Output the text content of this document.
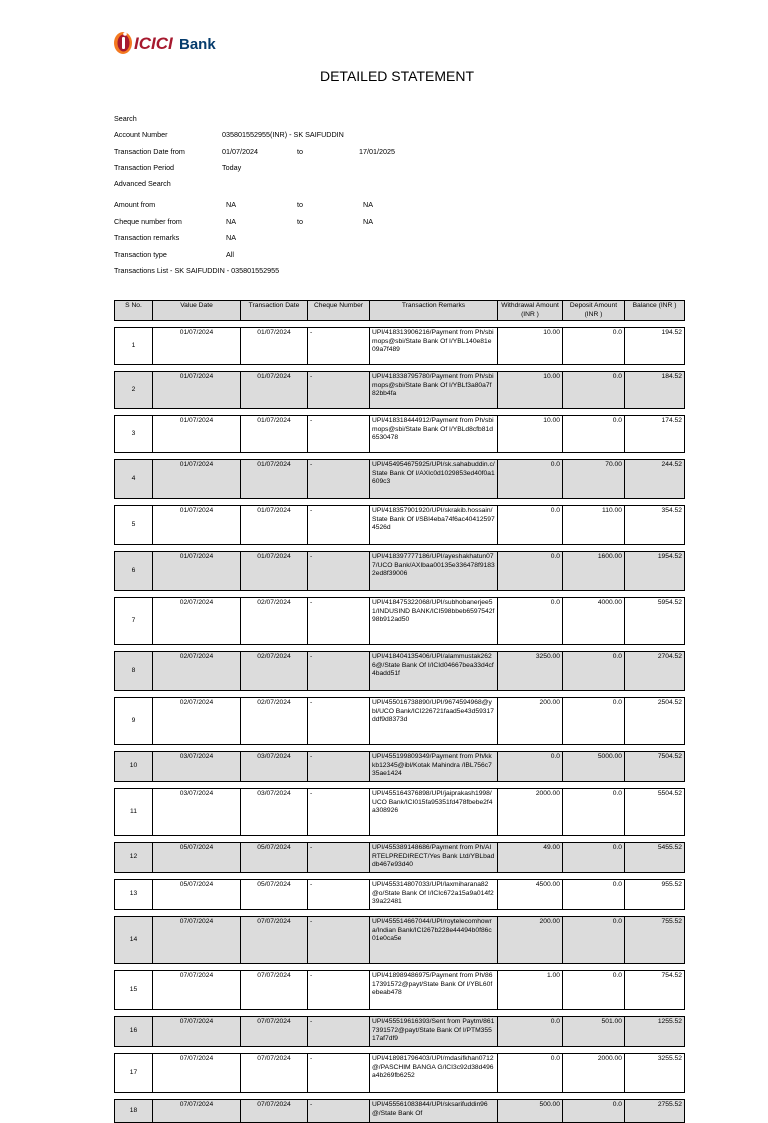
ICICI Bank
DETAILED STATEMENT
Search
Account Number	035801552955(INR) - SK SAIFUDDIN
Transaction Date from	01/07/2024	to	17/01/2025
Transaction Period	Today
Advanced Search
Amount from	NA	to	NA
Cheque number from	NA	to	NA
Transaction remarks	NA
Transaction type	All
Transactions List - SK SAIFUDDIN - 035801552955
S No.	Value Date	Transaction Date	Cheque Number	Transaction Remarks	Withdrawal Amount (INR )	Deposit Amount (INR )	Balance (INR )

1	01/07/2024	01/07/2024	-	UPI/418313906216/Payment from Ph/sbimops@sbi/State Bank Of I/YBL140e81e09a7f489	10.00	0.0	194.52

2	01/07/2024	01/07/2024	-	UPI/418338795780/Payment from Ph/sbimops@sbi/State Bank Of I/YBLf3a80a7f82bb4fa	10.00	0.0	184.52

3	01/07/2024	01/07/2024	-	UPI/418318444912/Payment from Ph/sbimops@sbi/State Bank Of I/YBLd8cfb81d6530478	10.00	0.0	174.52

4	01/07/2024	01/07/2024	-	UPI/454954675925/UPI/sk.sahabuddin.c/State Bank Of I/AXIc0d1029853ed40f0a1609c3	0.0	70.00	244.52

5	01/07/2024	01/07/2024	-	UPI/418357901920/UPI/skrakib.hossain/State Bank Of I/SBI4eba74f6ac404125974526d	0.0	110.00	354.52

6	01/07/2024	01/07/2024	-	UPI/418397777186/UPI/ayeshakhatun077/UCO Bank/AXIbaa00135e336478f91832ed8f39006	0.0	1600.00	1954.52

7	02/07/2024	02/07/2024	-	UPI/418475322068/UPI/subhobanerjee51/INDUSIND BANK/ICI598bbeb6597542f98b912ad50	0.0	4000.00	5954.52

8	02/07/2024	02/07/2024	-	UPI/418404135406/UPI/alammustak2626@/State Bank Of I/ICId04667bea33d4cf4badd51f	3250.00	0.0	2704.52

9	02/07/2024	02/07/2024	-	UPI/455016738890/UPI/9674594968@ybl/UCO Bank/ICI226721faad5e43d59317ddf9d8373d	200.00	0.0	2504.52

10	03/07/2024	03/07/2024	-	UPI/455199809349/Payment from Ph/kkkb12345@ibl/Kotak Mahindra /IBL756c735ae1424	0.0	5000.00	7504.52

11	03/07/2024	03/07/2024	-	UPI/455164376898/UPI/jaiprakash1998/UCO Bank/ICI015fa95351fd478fbebe2f4a308926	2000.00	0.0	5504.52

12	05/07/2024	05/07/2024	-	UPI/455389148686/Payment from Ph/AIRTELPREDIRECT/Yes Bank Ltd/YBLbaddb467e93d40	49.00	0.0	5455.52

13	05/07/2024	05/07/2024	-	UPI/455314807033/UPI/laxmiharana82@o/State Bank Of I/ICIc672a15a9a014f239a22481	4500.00	0.0	955.52

14	07/07/2024	07/07/2024	-	UPI/455514667044/UPI/roytelecomhowra/Indian Bank/ICI267b228e44494b0f86c01e0ca5e	200.00	0.0	755.52

15	07/07/2024	07/07/2024	-	UPI/418989486975/Payment from Ph/8617391572@payt/State Bank Of I/YBL60febeab478	1.00	0.0	754.52

16	07/07/2024	07/07/2024	-	UPI/455519616393/Sent from Paytm/8617391572@payt/State Bank Of I/PTM35517af7df9	0.0	501.00	1255.52

17	07/07/2024	07/07/2024	-	UPI/418981796403/UPI/mdasifkhan0712@/PASCHIM BANGA G/ICI3c92d38d496a4b269fb6252	0.0	2000.00	3255.52

18	07/07/2024	07/07/2024	-	UPI/455561083844/UPI/sksarifuddin96@/State Bank Of	500.00	0.0	2755.52
